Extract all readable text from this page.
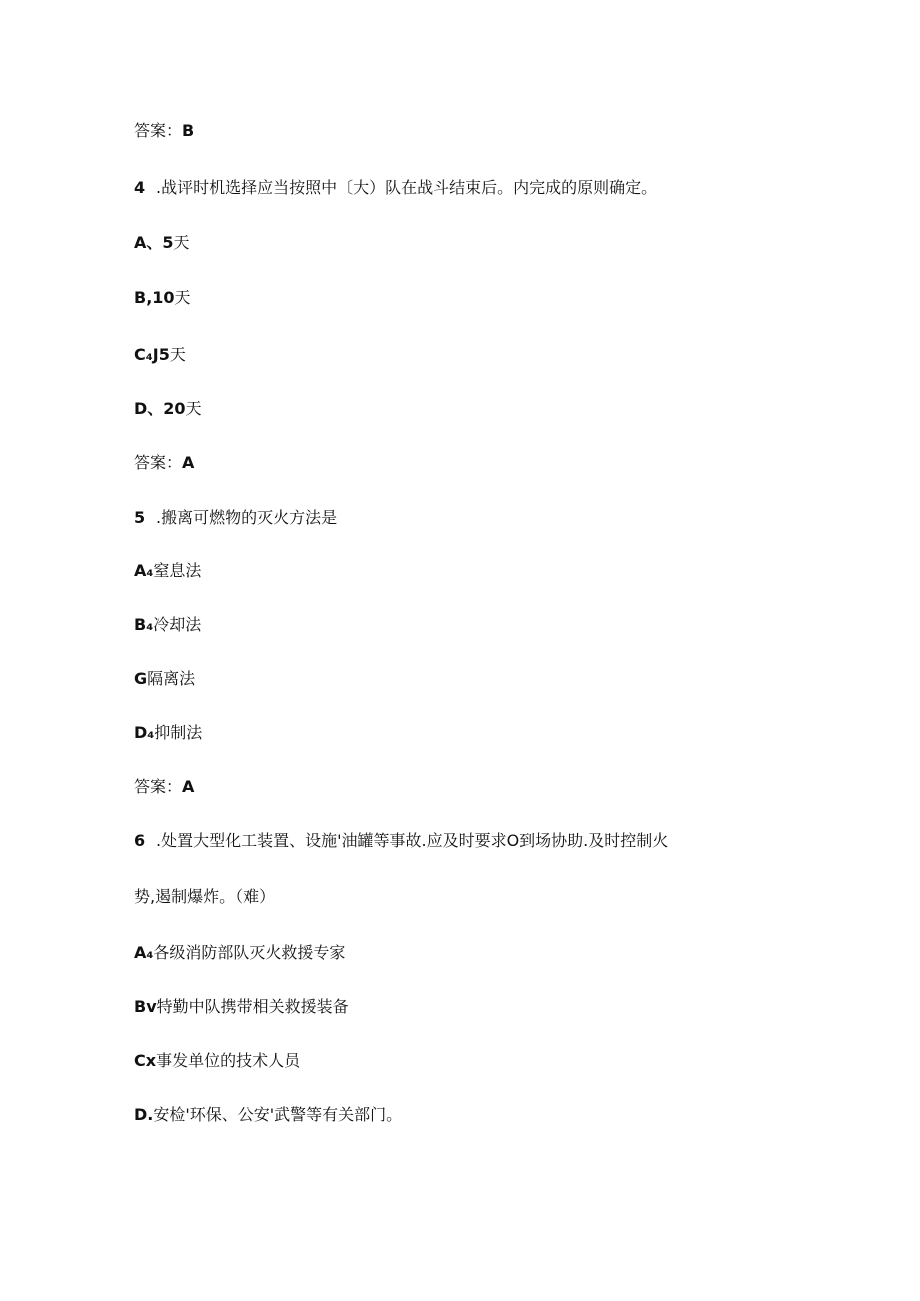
答案：B
4 .战评时机选择应当按照中〔大）队在战斗结束后。内完成的原则确定。
A、5天
B,10天
C₄J5天
D、20天
答案：A
5 .搬离可燃物的灭火方法是
A₄窒息法
B₄冷却法
G隔离法
D₄抑制法
答案：A
6 .处置大型化工装置、设施'油罐等事故.应及时要求O到场协助.及时控制火
势,遏制爆炸。（难）
A₄各级消防部队灭火救援专家
Bv特勤中队携带相关救援装备
Cx事发单位的技术人员
D.安检'环保、公安'武警等有关部门。
